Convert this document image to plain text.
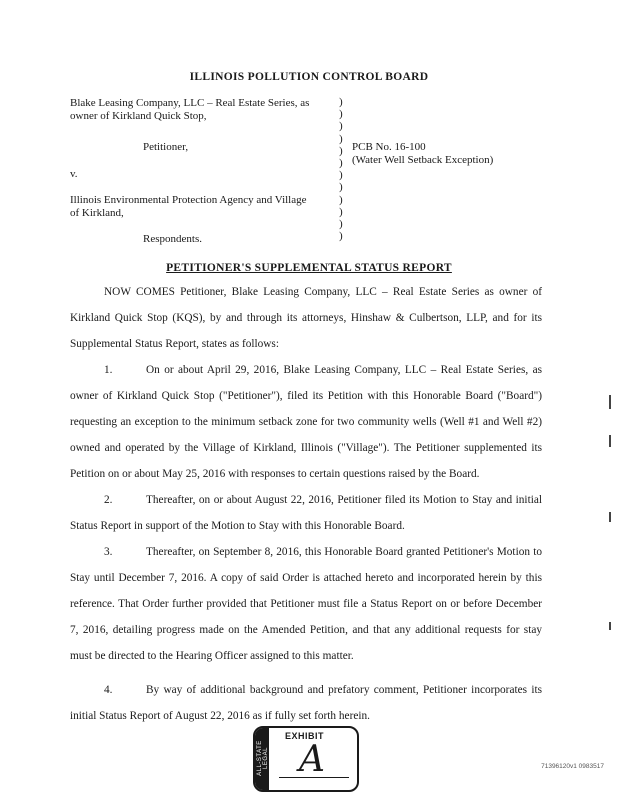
ILLINOIS POLLUTION CONTROL BOARD
Blake Leasing Company, LLC – Real Estate Series, as
owner of Kirkland Quick Stop,
Petitioner,
v.
Illinois Environmental Protection Agency and Village
of Kirkland,
Respondents.
)
)
)
)
)
)
)
)
)
)
)
)
PCB No. 16-100
(Water Well Setback Exception)
PETITIONER'S SUPPLEMENTAL STATUS REPORT
NOW COMES Petitioner, Blake Leasing Company, LLC – Real Estate Series as owner of Kirkland Quick Stop (KQS), by and through its attorneys, Hinshaw & Culbertson, LLP, and for its Supplemental Status Report, states as follows:
1.	On or about April 29, 2016, Blake Leasing Company, LLC – Real Estate Series, as owner of Kirkland Quick Stop ("Petitioner"), filed its Petition with this Honorable Board ("Board") requesting an exception to the minimum setback zone for two community wells (Well #1 and Well #2) owned and operated by the Village of Kirkland, Illinois ("Village"). The Petitioner supplemented its Petition on or about May 25, 2016 with responses to certain questions raised by the Board.
2.	Thereafter, on or about August 22, 2016, Petitioner filed its Motion to Stay and initial Status Report in support of the Motion to Stay with this Honorable Board.
3.	Thereafter, on September 8, 2016, this Honorable Board granted Petitioner's Motion to Stay until December 7, 2016. A copy of said Order is attached hereto and incorporated herein by this reference. That Order further provided that Petitioner must file a Status Report on or before December 7, 2016, detailing progress made on the Amended Petition, and that any additional requests for stay must be directed to the Hearing Officer assigned to this matter.
4.	By way of additional background and prefatory comment, Petitioner incorporates its initial Status Report of August 22, 2016 as if fully set forth herein.
ALL-STATE LEGAL
EXHIBIT
A	71396120v1 0983517
